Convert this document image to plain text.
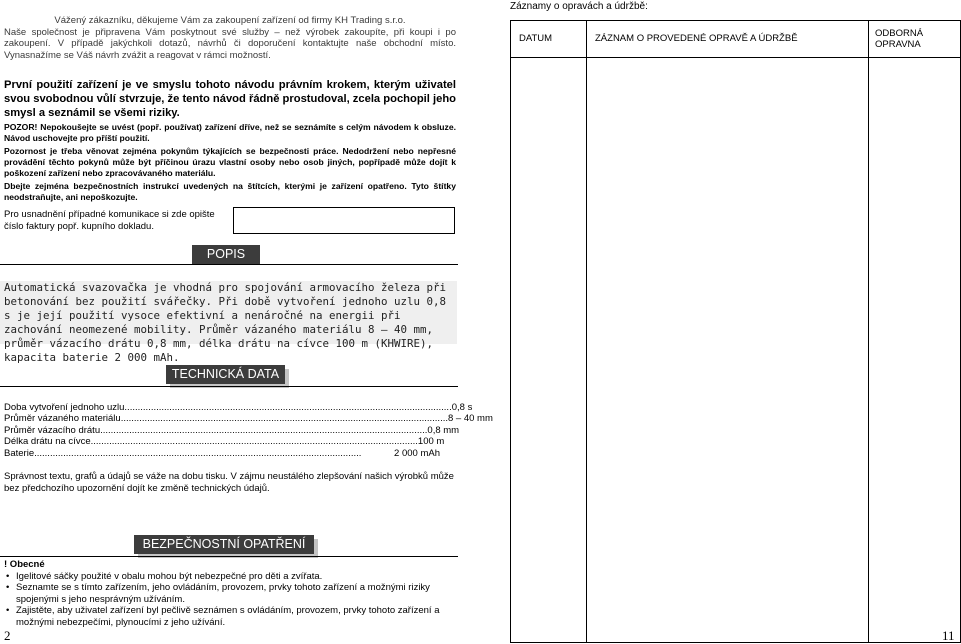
Vážený zákazníku, děkujeme Vám za zakoupení zařízení od firmy KH Trading s.r.o.
Naše společnost je připravena Vám poskytnout své služby – než výrobek zakoupíte, při koupi i po zakoupení. V případě jakýchkoli dotazů, návrhů či doporučení kontaktujte naše obchodní místo. Vynasnažíme se Váš návrh zvážit a reagovat v rámci možností.

První použití zařízení je ve smyslu tohoto návodu právním krokem, kterým uživatel svou svobodnou vůlí stvrzuje, že tento návod řádně prostudoval, zcela pochopil jeho smysl a seznámil se všemi riziky.

POZOR! Nepokoušejte se uvést (popř. používat) zařízení dříve, než se seznámíte s celým návodem k obsluze. Návod uschovejte pro příští použití.

Pozornost je třeba věnovat zejména pokynům týkajících se bezpečnosti práce. Nedodržení nebo nepřesné provádění těchto pokynů může být příčinou úrazu vlastní osoby nebo osob jiných, popřípadě může dojít k poškození zařízení nebo zpracovávaného materiálu.

Dbejte zejména bezpečnostních instrukcí uvedených na štítcích, kterými je zařízení opatřeno. Tyto štítky neodstraňujte, ani nepoškozujte.

Pro usnadnění případné komunikace si zde opište číslo faktury popř. kupního dokladu.
POPIS
Automatická svazovačka je vhodná pro spojování armovacího železa při betonování bez použití svářečky. Při době vytvoření jednoho uzlu 0,8 s je její použití vysoce efektivní a nenáročné na energii při zachování neomezené mobility. Průměr vázaného materiálu 8 – 40 mm, průměr vázacího drátu 0,8 mm, délka drátu na cívce 100 m (KHWIRE), kapacita baterie 2 000 mAh.
TECHNICKÁ DATA
Doba vytvoření jednoho uzlu ............................................................................................................................ 0,8 s
Průměr vázaného materiálu ............................................................................................................................ 8 – 40 mm
Průměr vázacího drátu ............................................................................................................................ 0,8 mm
Délka drátu na cívce ............................................................................................................................ 100 m
Baterie ............................................................................................................................	2 000 mAh
Správnost textu, grafů a údajů se váže na dobu tisku. V zájmu neustálého zlepšování našich výrobků může bez předchozího upozornění dojít ke změně technických údajů.
BEZPEČNOSTNÍ OPATŘENÍ
! Obecné
• Igelitové sáčky použité v obalu mohou být nebezpečné pro děti a zvířata.
• Seznamte se s tímto zařízením, jeho ovládáním, provozem, prvky tohoto zařízení a možnými riziky spojenými s jeho nesprávným užíváním.
• Zajistěte, aby uživatel zařízení byl pečlivě seznámen s ovládáním, provozem, prvky tohoto zařízení a možnými nebezpečími, plynoucími z jeho užívání.
2
Záznamy o opravách a údržbě:
DATUM	ZÁZNAM O PROVEDENÉ OPRAVĚ A ÚDRŽBĚ	ODBORNÁ
OPRAVNA

11
